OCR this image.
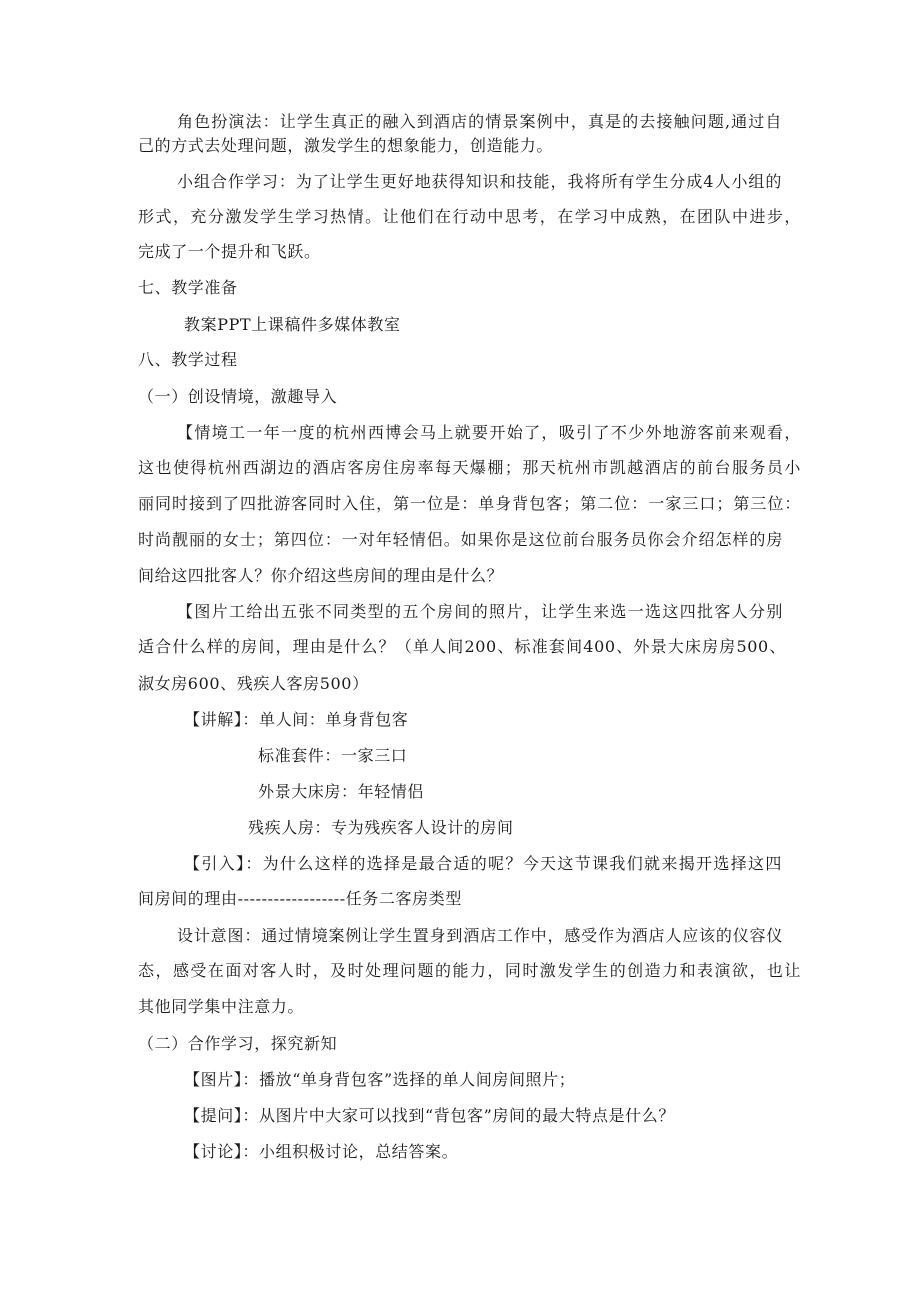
角色扮演法：让学生真正的融入到酒店的情景案例中，真是的去接触问题,通过自
己的方式去处理问题，激发学生的想象能力，创造能力。
小组合作学习：为了让学生更好地获得知识和技能，我将所有学生分成4人小组的
形式，充分激发学生学习热情。让他们在行动中思考，在学习中成熟，在团队中进步，
完成了一个提升和飞跃。
七、教学准备
教案PPT上课稿件多媒体教室
八、教学过程
（一）创设情境，激趣导入
【情境工一年一度的杭州西博会马上就要开始了，吸引了不少外地游客前来观看，
这也使得杭州西湖边的酒店客房住房率每天爆棚；那天杭州市凯越酒店的前台服务员小
丽同时接到了四批游客同时入住，第一位是：单身背包客；第二位：一家三口；第三位：
时尚靓丽的女士；第四位：一对年轻情侣。如果你是这位前台服务员你会介绍怎样的房
间给这四批客人？你介绍这些房间的理由是什么？
【图片工给出五张不同类型的五个房间的照片，让学生来选一选这四批客人分别
适合什么样的房间，理由是什么？（单人间200、标准套间400、外景大床房房500、
淑女房600、残疾人客房500）
【讲解】：单人间：单身背包客
标准套件：一家三口
外景大床房：年轻情侣
残疾人房：专为残疾客人设计的房间
【引入】：为什么这样的选择是最合适的呢？今天这节课我们就来揭开选择这四
间房间的理由------------------任务二客房类型
设计意图：通过情境案例让学生置身到酒店工作中，感受作为酒店人应该的仪容仪
态，感受在面对客人时，及时处理问题的能力，同时激发学生的创造力和表演欲，也让
其他同学集中注意力。
（二）合作学习，探究新知
【图片】：播放“单身背包客”选择的单人间房间照片；
【提问】：从图片中大家可以找到“背包客”房间的最大特点是什么？
【讨论】：小组积极讨论，总结答案。
